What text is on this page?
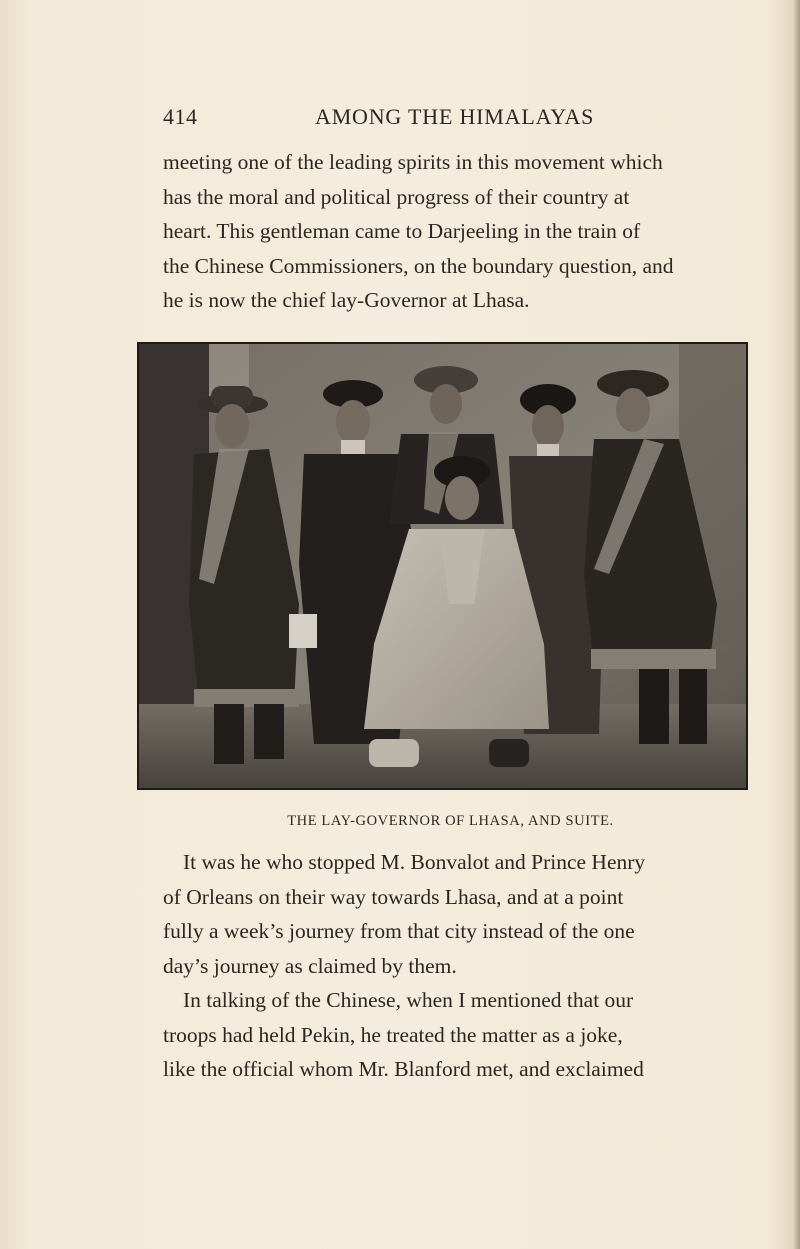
414	AMONG THE HIMALAYAS
meeting one of the leading spirits in this movement which
has the moral and political progress of their country at
heart. This gentleman came to Darjeeling in the train of
the Chinese Commissioners, on the boundary question, and
he is now the chief lay-Governor at Lhasa.
THE LAY-GOVERNOR OF LHASA, AND SUITE.
It was he who stopped M. Bonvalot and Prince Henry
of Orleans on their way towards Lhasa, and at a point
fully a week’s journey from that city instead of the one
day’s journey as claimed by them.
In talking of the Chinese, when I mentioned that our
troops had held Pekin, he treated the matter as a joke,
like the official whom Mr. Blanford met, and exclaimed
